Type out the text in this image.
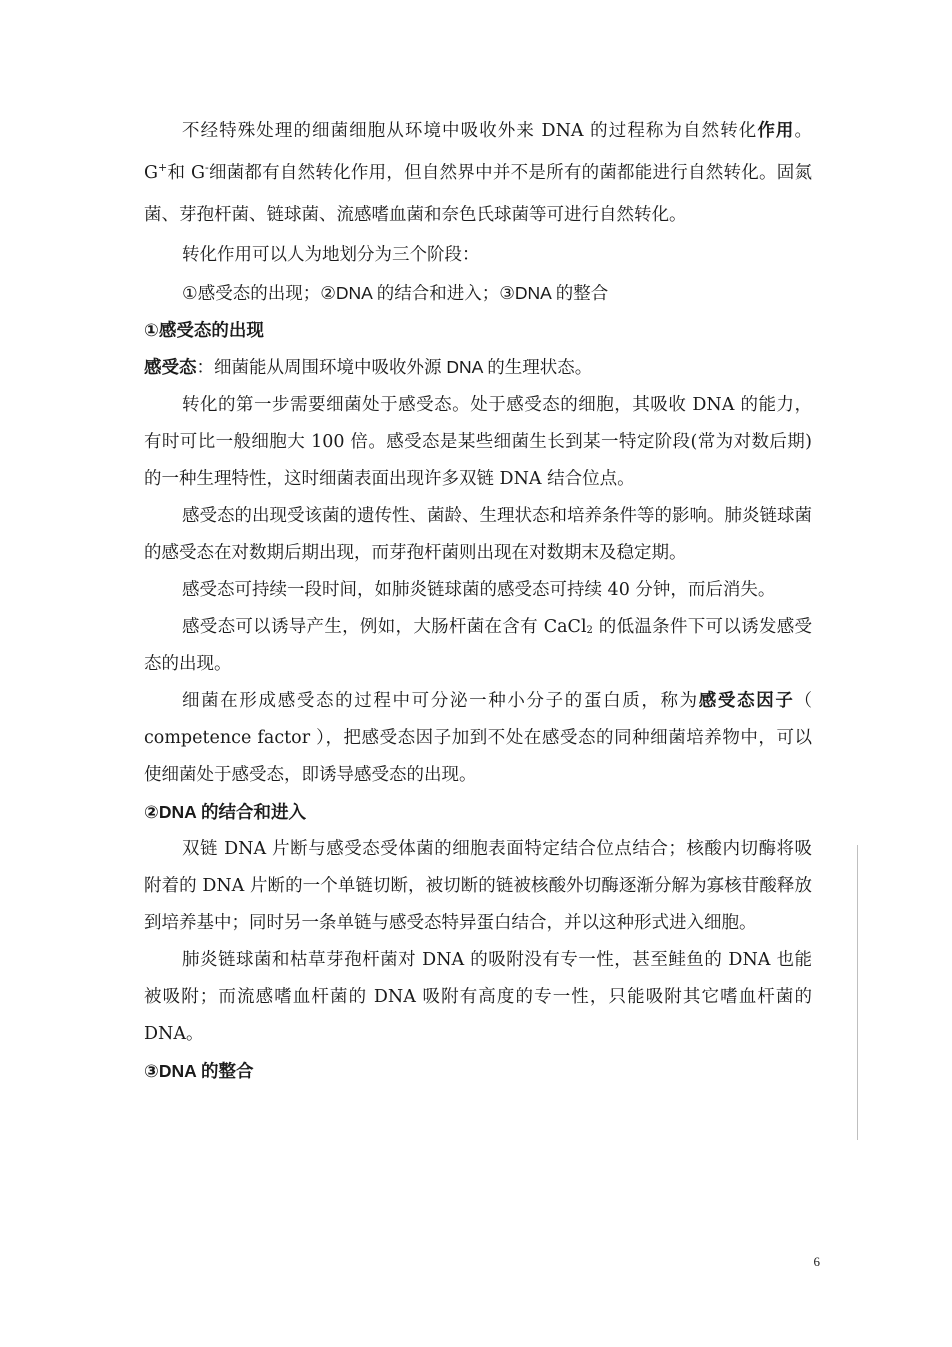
不经特殊处理的细菌细胞从环境中吸收外来 DNA 的过程称为自然转化作用。G+和 G-细菌都有自然转化作用，但自然界中并不是所有的菌都能进行自然转化。固氮菌、芽孢杆菌、链球菌、流感嗜血菌和奈色氏球菌等可进行自然转化。

转化作用可以人为地划分为三个阶段：

①感受态的出现；②DNA 的结合和进入；③DNA 的整合

①感受态的出现

感受态：细菌能从周围环境中吸收外源 DNA 的生理状态。

转化的第一步需要细菌处于感受态。处于感受态的细胞，其吸收 DNA 的能力，有时可比一般细胞大 100 倍。感受态是某些细菌生长到某一特定阶段(常为对数后期)的一种生理特性，这时细菌表面出现许多双链 DNA 结合位点。

感受态的出现受该菌的遗传性、菌龄、生理状态和培养条件等的影响。肺炎链球菌的感受态在对数期后期出现，而芽孢杆菌则出现在对数期末及稳定期。

感受态可持续一段时间，如肺炎链球菌的感受态可持续 40 分钟，而后消失。

感受态可以诱导产生，例如，大肠杆菌在含有 CaCl$_2$ 的低温条件下可以诱发感受态的出现。

细菌在形成感受态的过程中可分泌一种小分子的蛋白质，称为感受态因子（ competence factor ），把感受态因子加到不处在感受态的同种细菌培养物中，可以使细菌处于感受态，即诱导感受态的出现。

②DNA 的结合和进入

双链 DNA 片断与感受态受体菌的细胞表面特定结合位点结合；核酸内切酶将吸附着的 DNA 片断的一个单链切断，被切断的链被核酸外切酶逐渐分解为寡核苷酸释放到培养基中；同时另一条单链与感受态特异蛋白结合，并以这种形式进入细胞。

肺炎链球菌和枯草芽孢杆菌对 DNA 的吸附没有专一性，甚至鲑鱼的 DNA 也能被吸附；而流感嗜血杆菌的 DNA 吸附有高度的专一性，只能吸附其它嗜血杆菌的 DNA。

③DNA 的整合

6
